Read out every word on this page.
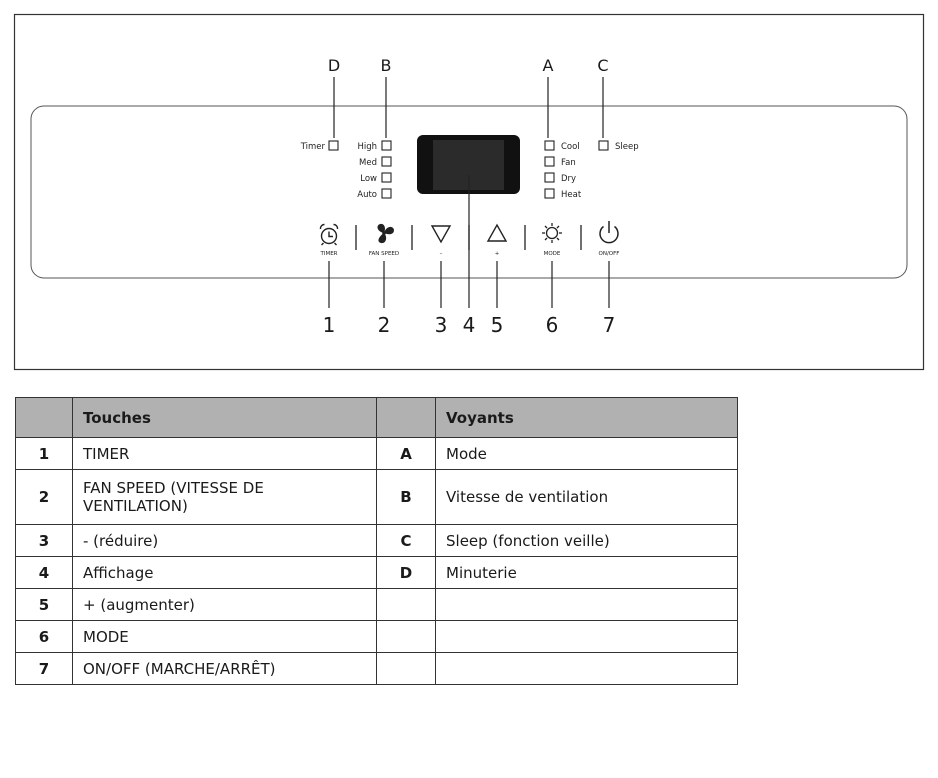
D	B	A	C
Timer	High
Med
Low
Auto
Cool
Fan
Dry
Heat
Sleep
TIMER	FAN SPEED	–	+	MODE	ON/OFF
1 2 3 4 5 6 7
	Touches		Voyants
1	TIMER	A	Mode
2	FAN SPEED (VITESSE DE VENTILATION)	B	Vitesse de ventilation
3	- (réduire)	C	Sleep (fonction veille)
4	Affichage	D	Minuterie
5	+ (augmenter)		
6	MODE		
7	ON/OFF (MARCHE/ARRÊT)		
